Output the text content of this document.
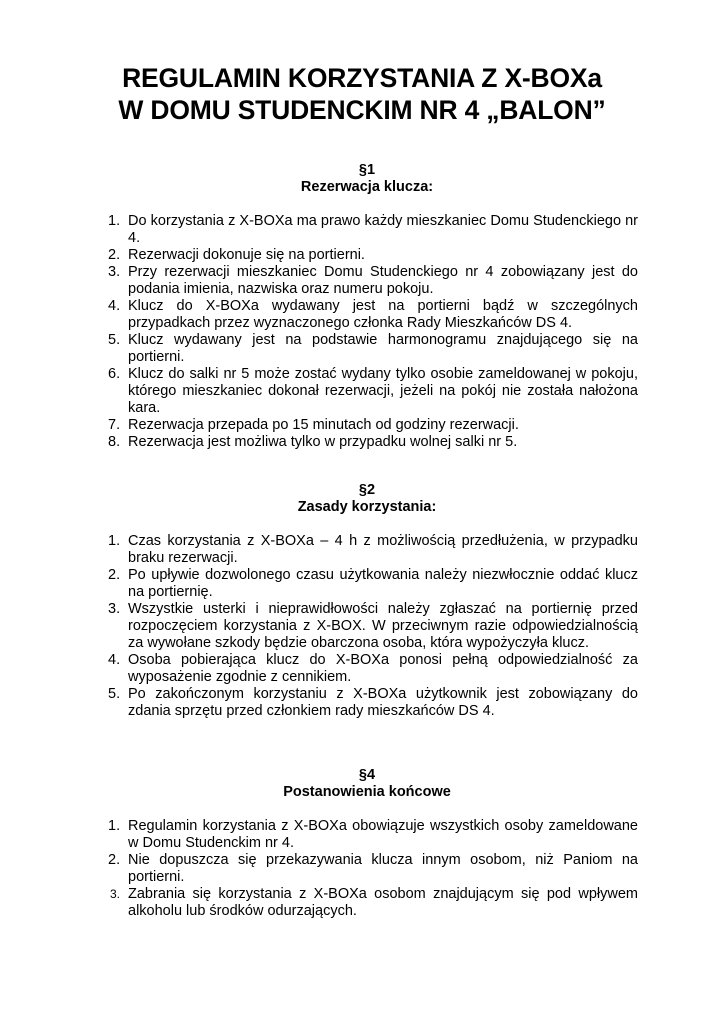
REGULAMIN KORZYSTANIA Z X-BOXa
W DOMU STUDENCKIM NR 4 „BALON”

§1

Rezerwacja klucza:

1. Do korzystania z X-BOXa ma prawo każdy mieszkaniec Domu Studenckiego nr 4.
2. Rezerwacji dokonuje się na portierni.
3. Przy rezerwacji mieszkaniec Domu Studenckiego nr 4 zobowiązany jest do podania imienia, nazwiska oraz numeru pokoju.
4. Klucz do X-BOXa wydawany jest na portierni bądź w szczególnych przypadkach przez wyznaczonego członka Rady Mieszkańców DS 4.
5. Klucz wydawany jest na podstawie harmonogramu znajdującego się na portierni.
6. Klucz do salki nr 5 może zostać wydany tylko osobie zameldowanej w pokoju, którego mieszkaniec dokonał rezerwacji, jeżeli na pokój nie została nałożona kara.
7. Rezerwacja przepada po 15 minutach od godziny rezerwacji.
8. Rezerwacja jest możliwa tylko w przypadku wolnej salki nr 5.

§2

Zasady korzystania:

1. Czas korzystania z X-BOXa – 4 h z możliwością przedłużenia, w przypadku braku rezerwacji.
2. Po upływie dozwolonego czasu użytkowania należy niezwłocznie oddać klucz na portiernię.
3. Wszystkie usterki i nieprawidłowości należy zgłaszać na portiernię przed rozpoczęciem korzystania z X-BOX. W przeciwnym razie odpowiedzialnością za wywołane szkody będzie obarczona osoba, która wypożyczyła klucz.
4. Osoba pobierająca klucz do X-BOXa ponosi pełną odpowiedzialność za wyposażenie zgodnie z cennikiem.
5. Po zakończonym korzystaniu z X-BOXa użytkownik jest zobowiązany do zdania sprzętu przed członkiem rady mieszkańców DS 4.

§4

Postanowienia końcowe

1. Regulamin korzystania z X-BOXa obowiązuje wszystkich osoby zameldowane w Domu Studenckim nr 4.
2. Nie dopuszcza się przekazywania klucza innym osobom, niż Paniom na portierni.
3. Zabrania się korzystania z X-BOXa osobom znajdującym się pod wpływem alkoholu lub środków odurzających.
